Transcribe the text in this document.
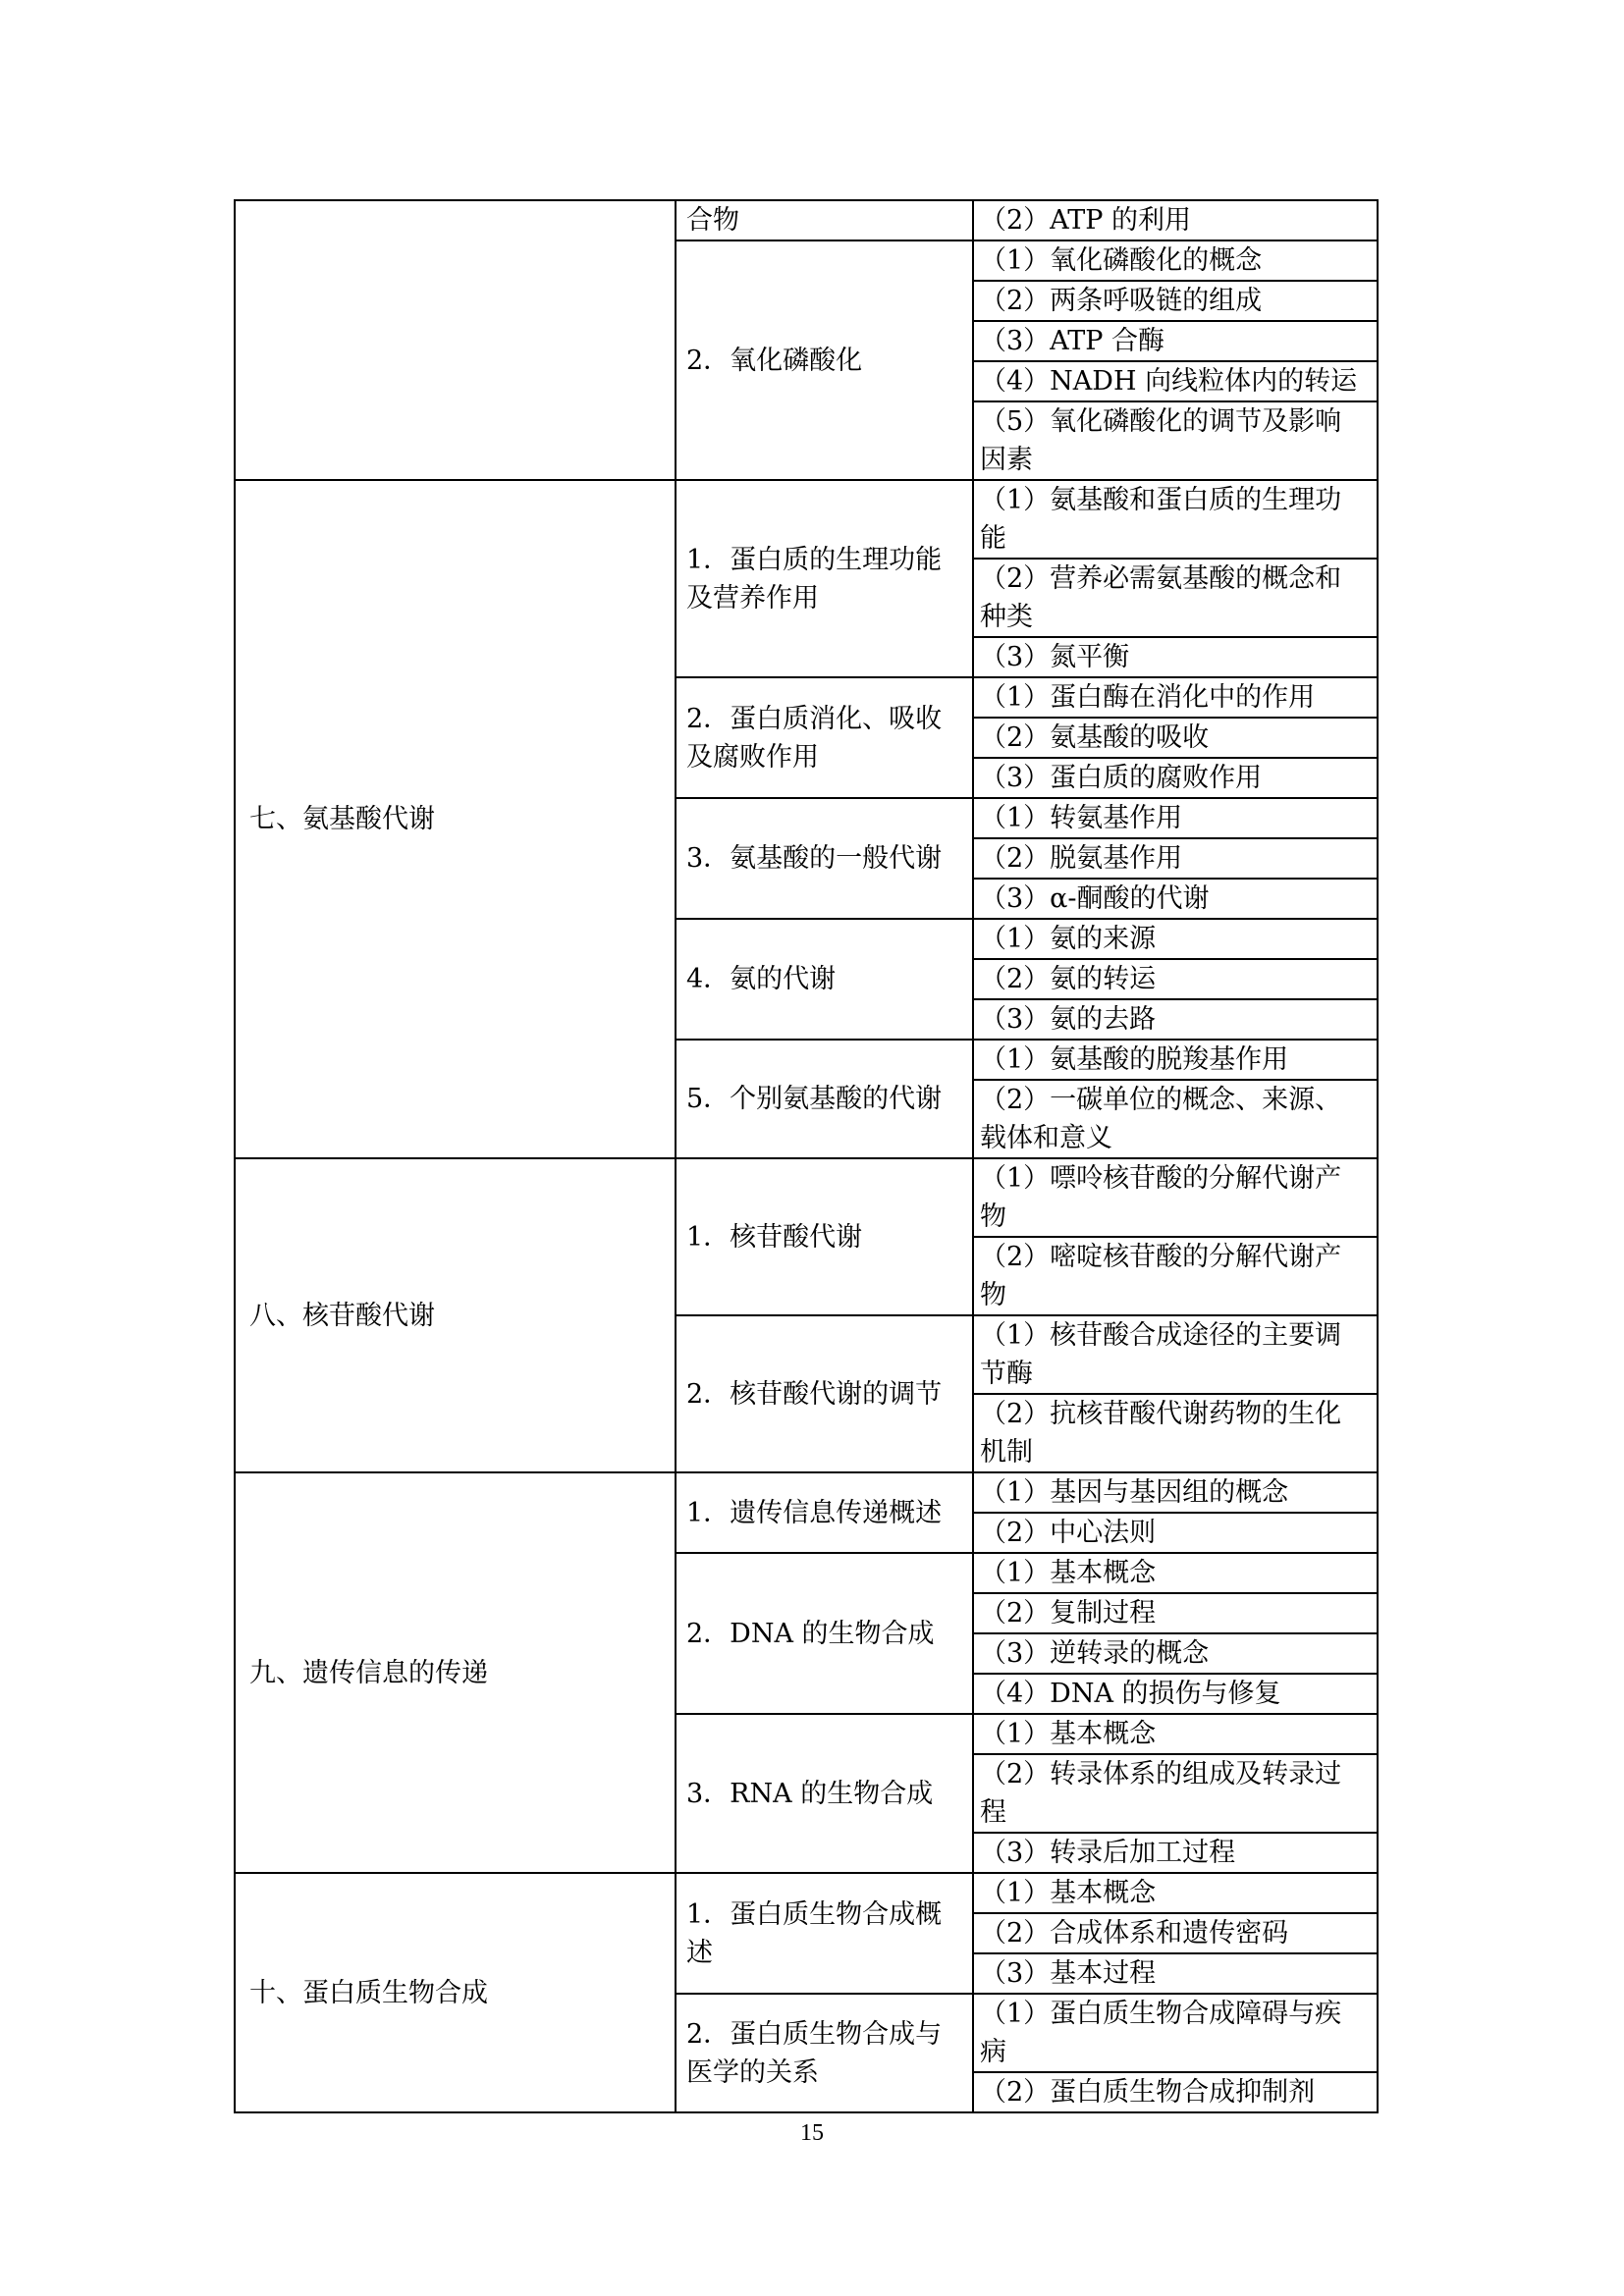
	合物	（2）ATP 的利用
	2．氧化磷酸化	（1）氧化磷酸化的概念
		（2）两条呼吸链的组成
		（3）ATP 合酶
		（4）NADH 向线粒体内的转运
		（5）氧化磷酸化的调节及影响因素
七、氨基酸代谢	1．蛋白质的生理功能及营养作用	（1）氨基酸和蛋白质的生理功能
		（2）营养必需氨基酸的概念和种类
		（3）氮平衡
	2．蛋白质消化、吸收及腐败作用	（1）蛋白酶在消化中的作用
		（2）氨基酸的吸收
		（3）蛋白质的腐败作用
	3．氨基酸的一般代谢	（1）转氨基作用
		（2）脱氨基作用
		（3）α-酮酸的代谢
	4．氨的代谢	（1）氨的来源
		（2）氨的转运
		（3）氨的去路
	5．个别氨基酸的代谢	（1）氨基酸的脱羧基作用
		（2）一碳单位的概念、来源、载体和意义
八、核苷酸代谢	1．核苷酸代谢	（1）嘌呤核苷酸的分解代谢产物
		（2）嘧啶核苷酸的分解代谢产物
	2．核苷酸代谢的调节	（1）核苷酸合成途径的主要调节酶
		（2）抗核苷酸代谢药物的生化机制
九、遗传信息的传递	1．遗传信息传递概述	（1）基因与基因组的概念
		（2）中心法则
	2．DNA 的生物合成	（1）基本概念
		（2）复制过程
		（3）逆转录的概念
		（4）DNA 的损伤与修复
	3．RNA 的生物合成	（1）基本概念
		（2）转录体系的组成及转录过程
		（3）转录后加工过程
十、蛋白质生物合成	1．蛋白质生物合成概述	（1）基本概念
		（2）合成体系和遗传密码
		（3）基本过程
	2．蛋白质生物合成与医学的关系	（1）蛋白质生物合成障碍与疾病
		（2）蛋白质生物合成抑制剂
15
